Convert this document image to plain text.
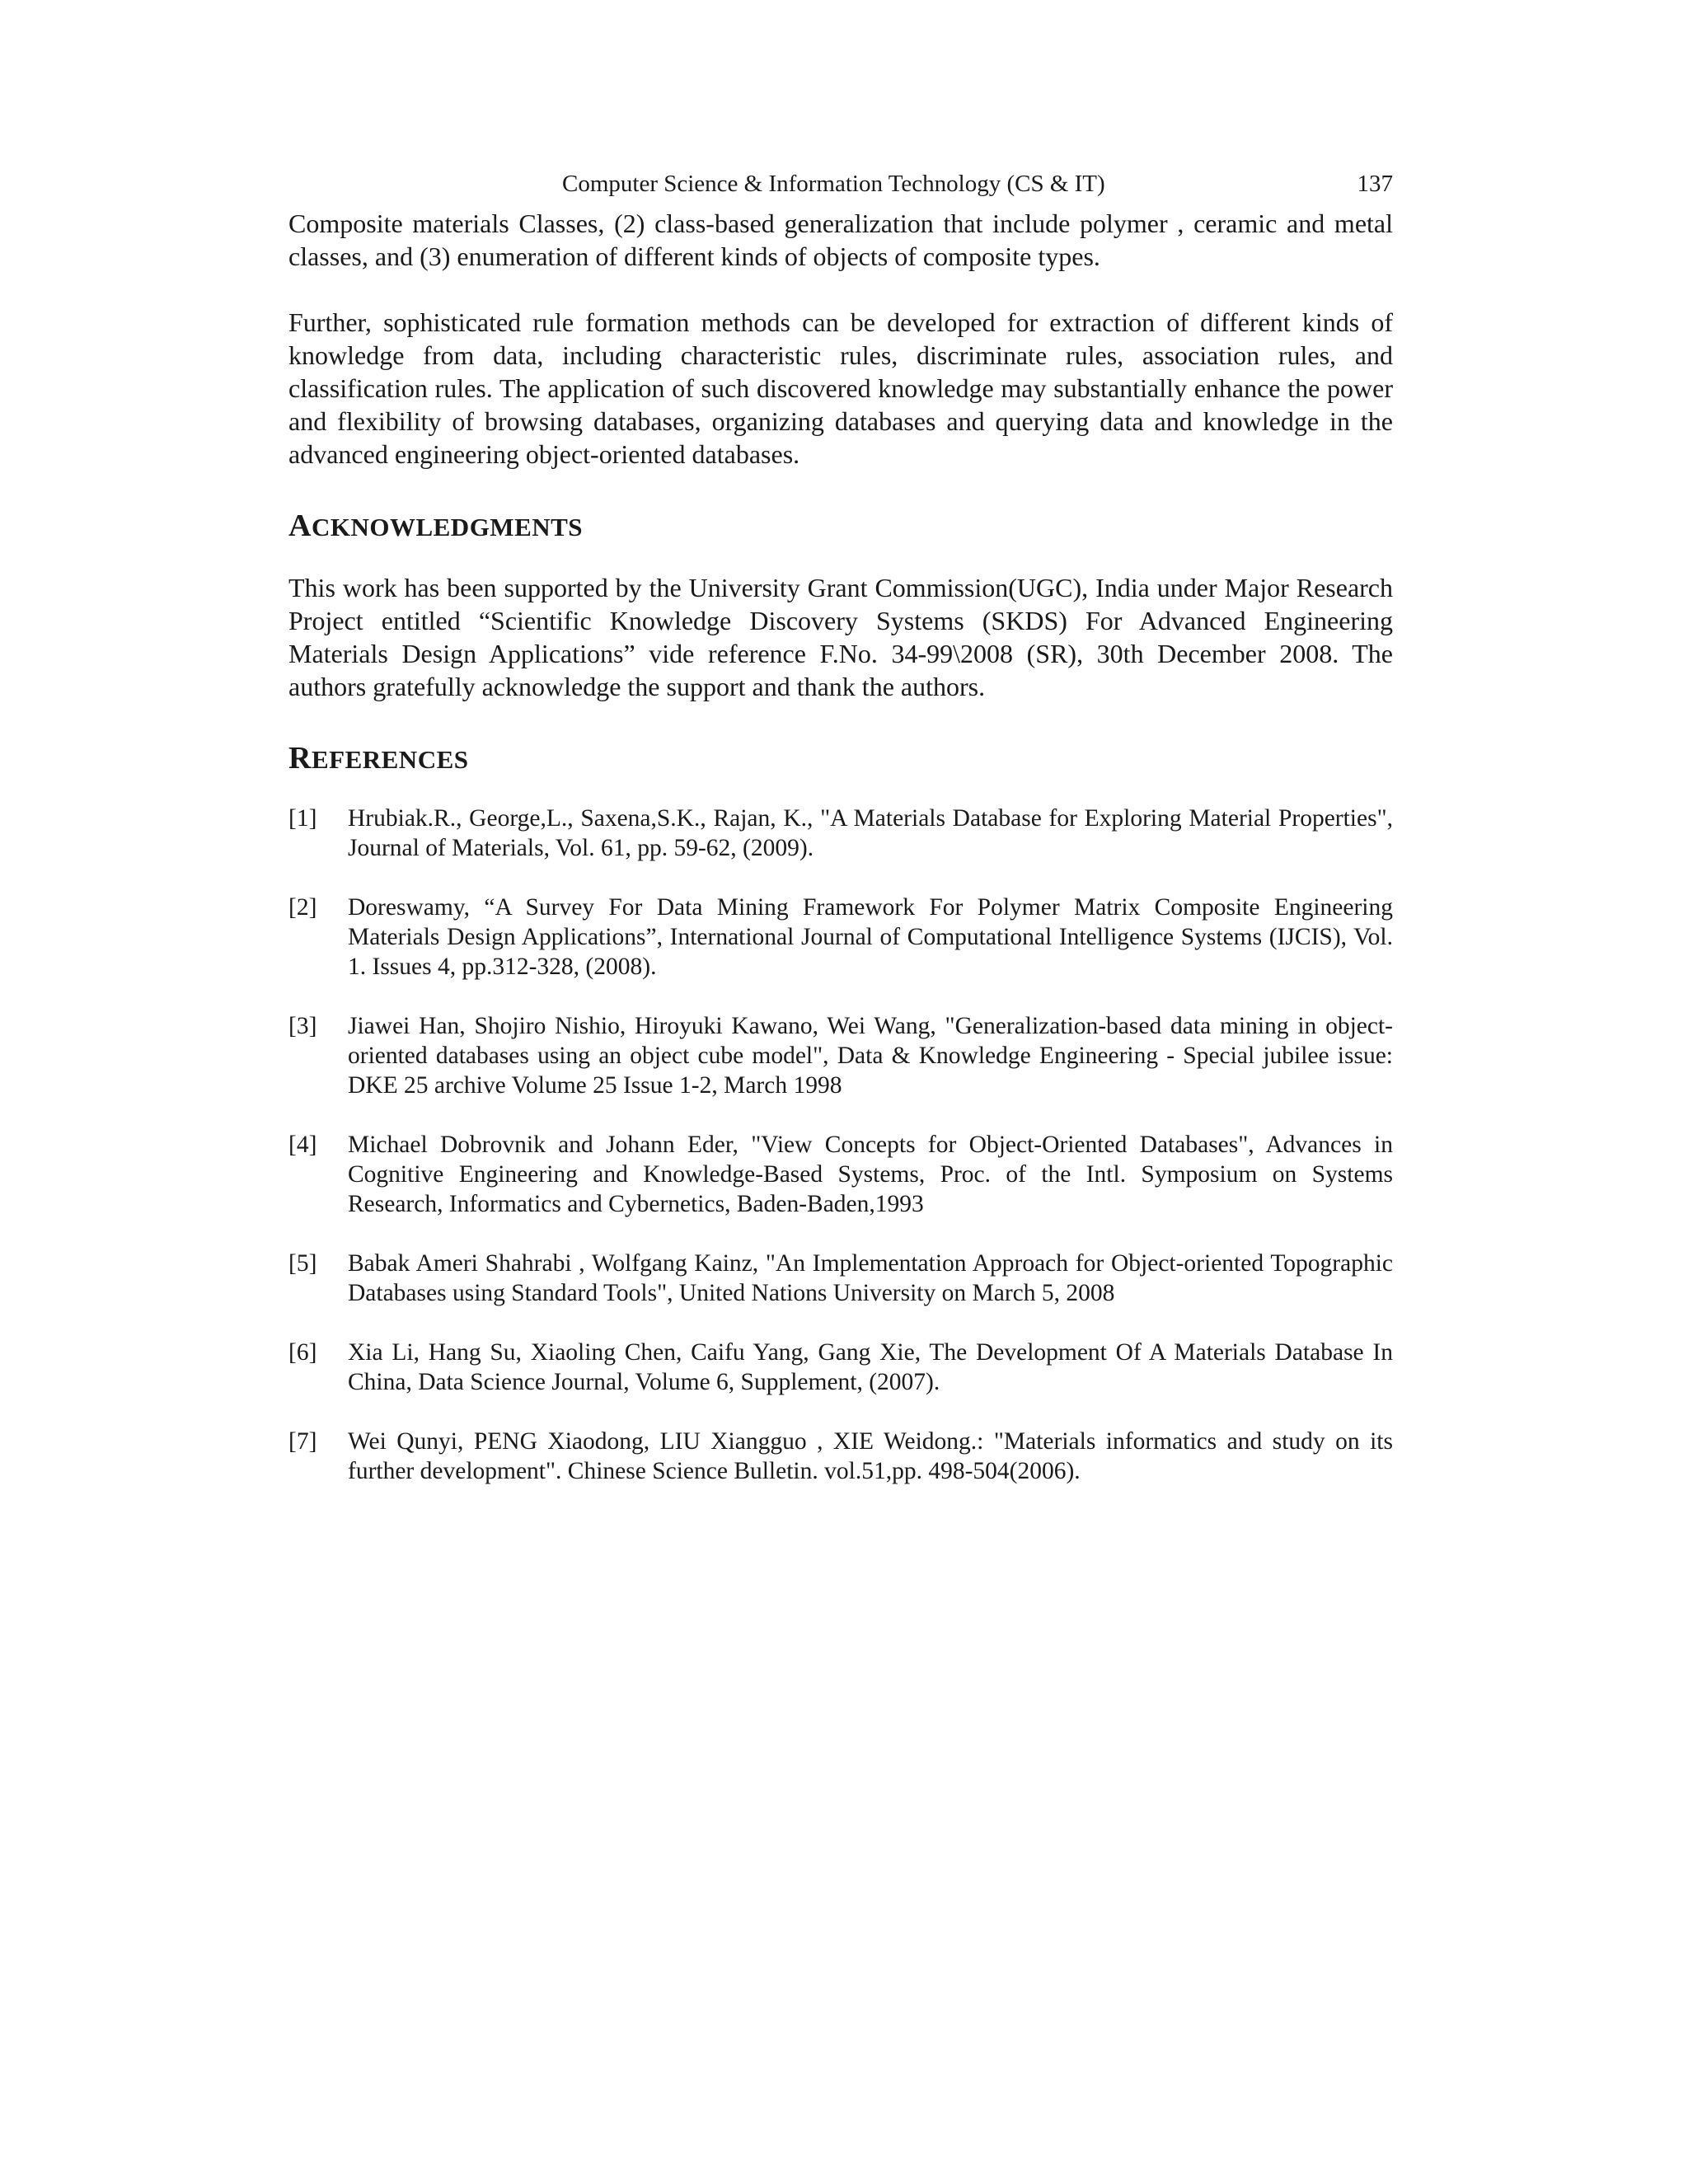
Computer Science & Information Technology (CS & IT)	137

Composite materials Classes, (2) class-based generalization that include polymer , ceramic and metal classes, and (3) enumeration of different kinds of objects of composite types.

Further, sophisticated rule formation methods can be developed for extraction of different kinds of knowledge from data, including characteristic rules, discriminate rules, association rules, and classification rules. The application of such discovered knowledge may substantially enhance the power and flexibility of browsing databases, organizing databases and querying data and knowledge in the advanced engineering object-oriented databases.

ACKNOWLEDGMENTS

This work has been supported by the University Grant Commission(UGC), India under Major Research Project entitled “Scientific Knowledge Discovery Systems (SKDS) For Advanced Engineering Materials Design Applications” vide reference F.No. 34-99\2008 (SR), 30th December 2008. The authors gratefully acknowledge the support and thank the authors.

REFERENCES
[1] Hrubiak.R., George,L., Saxena,S.K., Rajan, K., "A Materials Database for Exploring Material Properties", Journal of Materials, Vol. 61, pp. 59-62, (2009).
[2] Doreswamy, “A Survey For Data Mining Framework For Polymer Matrix Composite Engineering Materials Design Applications”, International Journal of Computational Intelligence Systems (IJCIS), Vol. 1. Issues 4, pp.312-328, (2008).
[3] Jiawei Han, Shojiro Nishio, Hiroyuki Kawano, Wei Wang, "Generalization-based data mining in object-oriented databases using an object cube model", Data & Knowledge Engineering - Special jubilee issue: DKE 25 archive Volume 25 Issue 1-2, March 1998
[4] Michael Dobrovnik and Johann Eder, "View Concepts for Object-Oriented Databases", Advances in Cognitive Engineering and Knowledge-Based Systems, Proc. of the Intl. Symposium on Systems Research, Informatics and Cybernetics, Baden-Baden,1993
[5] Babak Ameri Shahrabi , Wolfgang Kainz, "An Implementation Approach for Object-oriented Topographic Databases using Standard Tools", United Nations University on March 5, 2008
[6] Xia Li, Hang Su, Xiaoling Chen, Caifu Yang, Gang Xie, The Development Of A Materials Database In China, Data Science Journal, Volume 6, Supplement, (2007).
[7] Wei Qunyi, PENG Xiaodong, LIU Xiangguo , XIE Weidong.: "Materials informatics and study on its further development". Chinese Science Bulletin. vol.51,pp. 498-504(2006).
